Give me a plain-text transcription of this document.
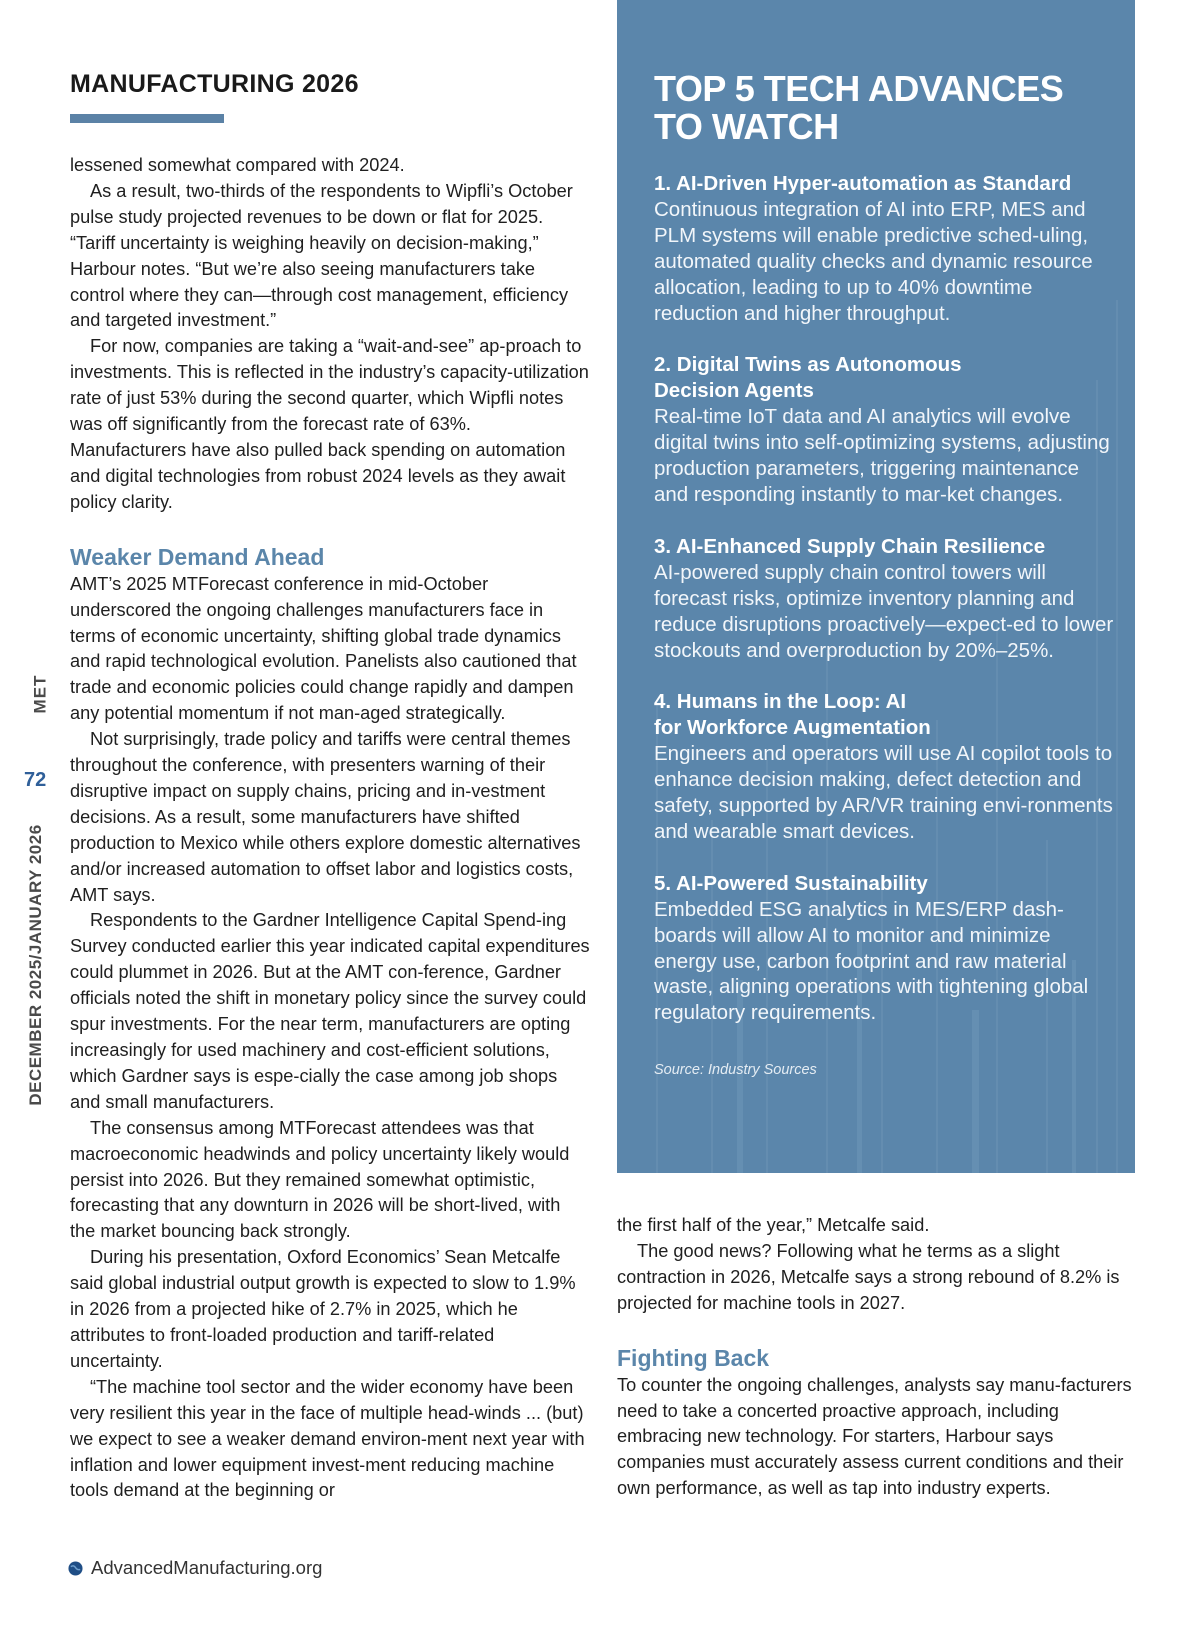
MANUFACTURING 2026
MET
72
DECEMBER 2025/JANUARY 2026

lessened somewhat compared with 2024.

As a result, two-thirds of the respondents to Wipfli’s October pulse study projected revenues to be down or flat for 2025. “Tariff uncertainty is weighing heavily on decision-making,” Harbour notes. “But we’re also seeing manufacturers take control where they can—through cost management, efficiency and targeted investment.”

For now, companies are taking a “wait-and-see” ap-proach to investments. This is reflected in the industry’s capacity-utilization rate of just 53% during the second quarter, which Wipfli notes was off significantly from the forecast rate of 63%. Manufacturers have also pulled back spending on automation and digital technologies from robust 2024 levels as they await policy clarity.

Weaker Demand Ahead

AMT’s 2025 MTForecast conference in mid-October underscored the ongoing challenges manufacturers face in terms of economic uncertainty, shifting global trade dynamics and rapid technological evolution. Panelists also cautioned that trade and economic policies could change rapidly and dampen any potential momentum if not man-aged strategically.

Not surprisingly, trade policy and tariffs were central themes throughout the conference, with presenters warning of their disruptive impact on supply chains, pricing and in-vestment decisions. As a result, some manufacturers have shifted production to Mexico while others explore domestic alternatives and/or increased automation to offset labor and logistics costs, AMT says.

Respondents to the Gardner Intelligence Capital Spend-ing Survey conducted earlier this year indicated capital expenditures could plummet in 2026. But at the AMT con-ference, Gardner officials noted the shift in monetary policy since the survey could spur investments. For the near term, manufacturers are opting increasingly for used machinery and cost-efficient solutions, which Gardner says is espe-cially the case among job shops and small manufacturers.

The consensus among MTForecast attendees was that macroeconomic headwinds and policy uncertainty likely would persist into 2026. But they remained somewhat optimistic, forecasting that any downturn in 2026 will be short-lived, with the market bouncing back strongly.

During his presentation, Oxford Economics’ Sean Metcalfe said global industrial output growth is expected to slow to 1.9% in 2026 from a projected hike of 2.7% in 2025, which he attributes to front-loaded production and tariff-related uncertainty.

“The machine tool sector and the wider economy have been very resilient this year in the face of multiple head-winds ... (but) we expect to see a weaker demand environ-ment next year with inflation and lower equipment invest-ment reducing machine tools demand at the beginning or

TOP 5 TECH ADVANCES TO WATCH
1. AI-Driven Hyper-automation as Standard
Continuous integration of AI into ERP, MES and PLM systems will enable predictive sched-uling, automated quality checks and dynamic resource allocation, leading to up to 40% downtime reduction and higher throughput.
2. Digital Twins as Autonomous
Decision Agents
Real-time IoT data and AI analytics will evolve digital twins into self-optimizing systems, adjusting production parameters, triggering maintenance and responding instantly to mar-ket changes.
3. AI-Enhanced Supply Chain Resilience
AI-powered supply chain control towers will forecast risks, optimize inventory planning and reduce disruptions proactively—expect-ed to lower stockouts and overproduction by 20%–25%.
4. Humans in the Loop: AI
for Workforce Augmentation
Engineers and operators will use AI copilot tools to enhance decision making, defect detection and safety, supported by AR/VR training envi-ronments and wearable smart devices.
5. AI-Powered Sustainability
Embedded ESG analytics in MES/ERP dash-boards will allow AI to monitor and minimize energy use, carbon footprint and raw material waste, aligning operations with tightening global regulatory requirements.
Source: Industry Sources

the first half of the year,” Metcalfe said.

The good news? Following what he terms as a slight contraction in 2026, Metcalfe says a strong rebound of 8.2% is projected for machine tools in 2027.

Fighting Back

To counter the ongoing challenges, analysts say manu-facturers need to take a concerted proactive approach, including embracing new technology. For starters, Harbour says companies must accurately assess current conditions and their own performance, as well as tap into industry experts.

AdvancedManufacturing.org
